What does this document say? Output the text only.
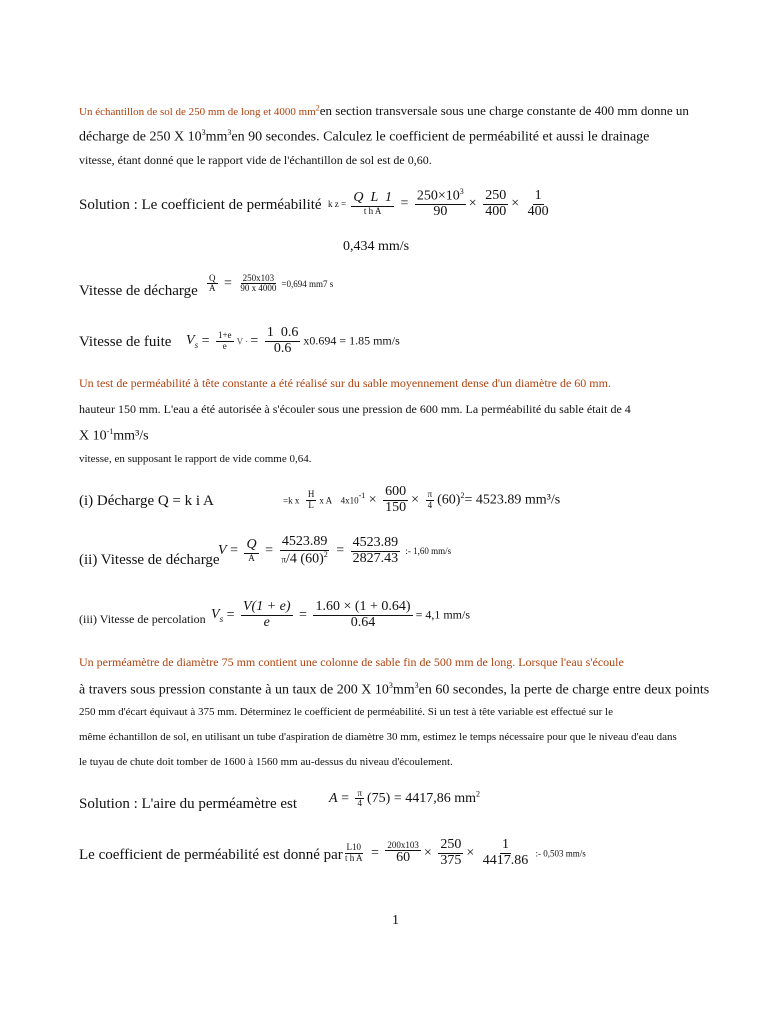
Un échantillon de sol de 250 mm de long et 4000 $mm^2en$ section transversale sous une charge constante de 400 mm donne un
décharge de 250 X $10^3mm^3en$ 90 secondes. Calculez le coefficient de perméabilité et aussi le drainage
vitesse, étant donné que le rapport vide de l'échantillon de sol est de 0,60.
Solution : Le coefficient de perméabilité k z = Q  L  1
t h $A = \frac{250\times 10^3}{90} \times \frac{250}{400} \times \frac{1}{400}$
0,434 mm/s
Vitesse de décharge $\frac{Q}{A} = \frac{250x103}{90 x 4000} =0,694$ mm7 s
Vitesse de fuite $V_s = \frac{1+e}{e}$ V · = $\frac{1 0.6}{0.6} x0.694 = 1.85$ mm/s
Un test de perméabilité à tête constante a été réalisé sur du sable moyennement dense d'un diamètre de 60 mm.
hauteur 150 mm. L'eau a été autorisée à s'écouler sous une pression de 600 mm. La perméabilité du sable était de 4
X $10^{-1}mm^3/s$
vitesse, en supposant le rapport de vide comme 0,64.
(i) Décharge Q = k i A	=k x $\frac{H}{L}$ x A    $4x10^{-1} \times \frac{600}{150} \times \frac{\pi}{4} (60)^2= 4523.89$ mm³/s
(ii) Vitesse de décharge
V = Q
$A = \frac{4523.89}{\pi/4 (60)^2} = \frac{4523.89}{2827.43}$ :- 1,60 mm/s
(iii) Vitesse de percolation $V_s = \frac{V(1 + e)}{e} = \frac{1.60 \times (1 + 0.64)}{0.64} = 4,1$ mm/s
Un perméamètre de diamètre 75 mm contient une colonne de sable fin de 500 mm de long. Lorsque l'eau s'écoule
à travers sous pression constante à un taux de 200 X $10^3mm^3en$ 60 secondes, la perte de charge entre deux points
250 mm d'écart équivaut à 375 mm. Déterminez le coefficient de perméabilité. Si un test à tête variable est effectué sur le
même échantillon de sol, en utilisant un tube d'aspiration de diamètre 30 mm, estimez le temps nécessaire pour que le niveau d'eau dans
le tuyau de chute doit tomber de 1600 à 1560 mm au-dessus du niveau d'écoulement.
Solution : L'aire du perméamètre est $A = \frac{\pi}{4} (75) = 4417,86$ $mm^2$
Le coefficient de perméabilité est donné par $\frac{L10}{\text{t h A}}$ =
200x103
$60 \times \frac{250}{375} \times \frac{1}{4417.86}$ :- 0,503 mm/s
1
